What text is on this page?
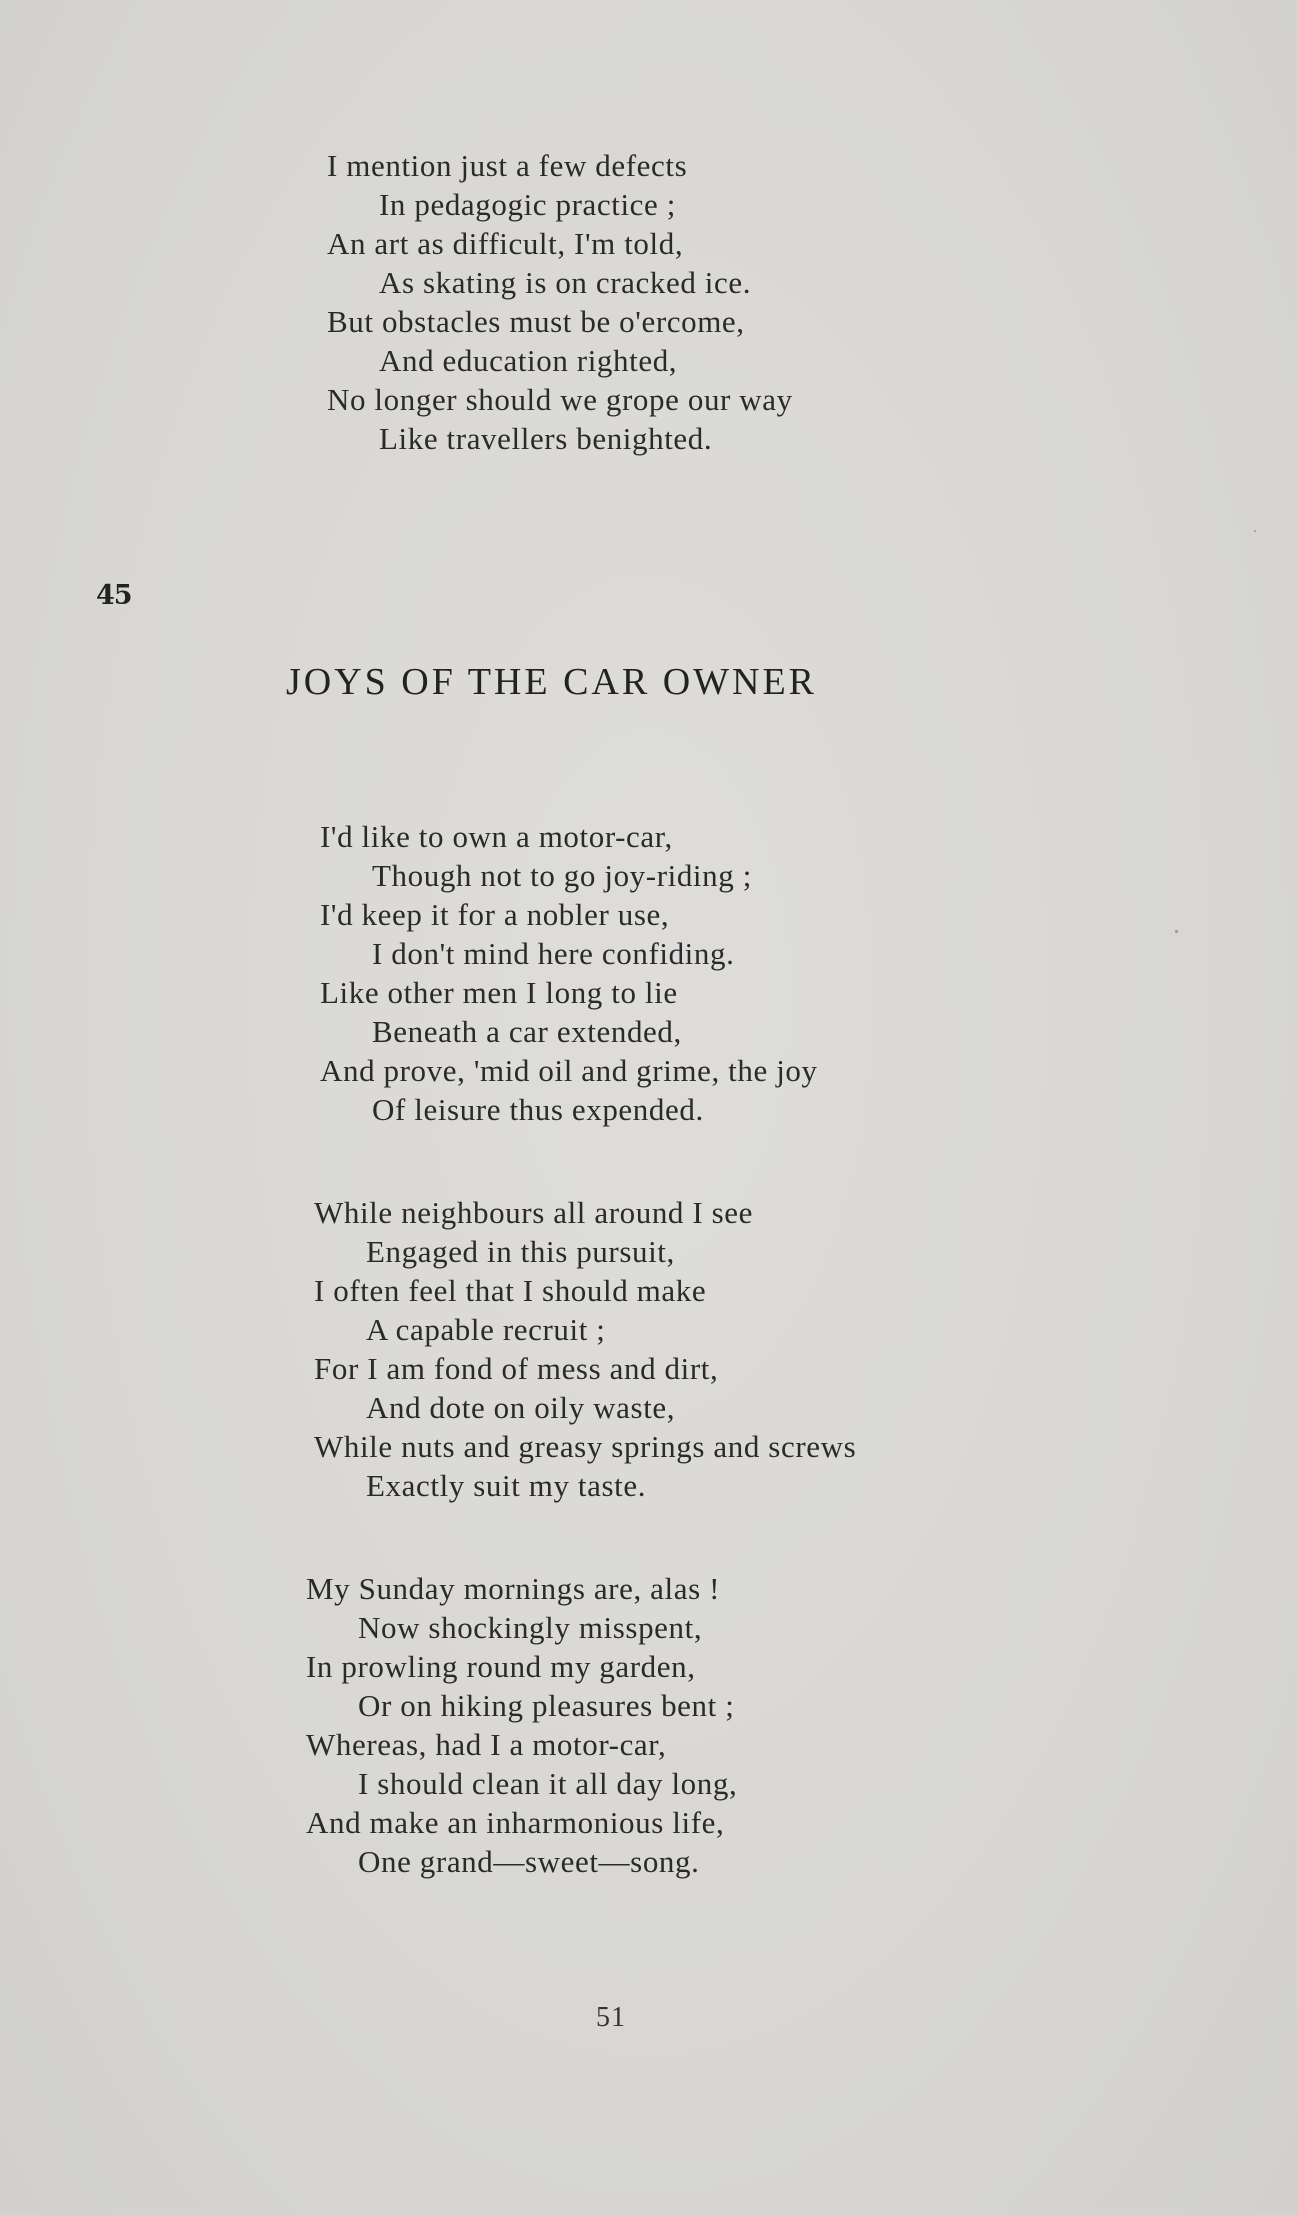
I mention just a few defects
In pedagogic practice ;
An art as difficult, I'm told,
As skating is on cracked ice.
But obstacles must be o'ercome,
And education righted,
No longer should we grope our way
Like travellers benighted.
45
JOYS OF THE CAR OWNER
I'd like to own a motor-car,
Though not to go joy-riding ;
I'd keep it for a nobler use,
I don't mind here confiding.
Like other men I long to lie
Beneath a car extended,
And prove, 'mid oil and grime, the joy
Of leisure thus expended.
While neighbours all around I see
Engaged in this pursuit,
I often feel that I should make
A capable recruit ;
For I am fond of mess and dirt,
And dote on oily waste,
While nuts and greasy springs and screws
Exactly suit my taste.
My Sunday mornings are, alas !
Now shockingly misspent,
In prowling round my garden,
Or on hiking pleasures bent ;
Whereas, had I a motor-car,
I should clean it all day long,
And make an inharmonious life,
One grand—sweet—song.
51
